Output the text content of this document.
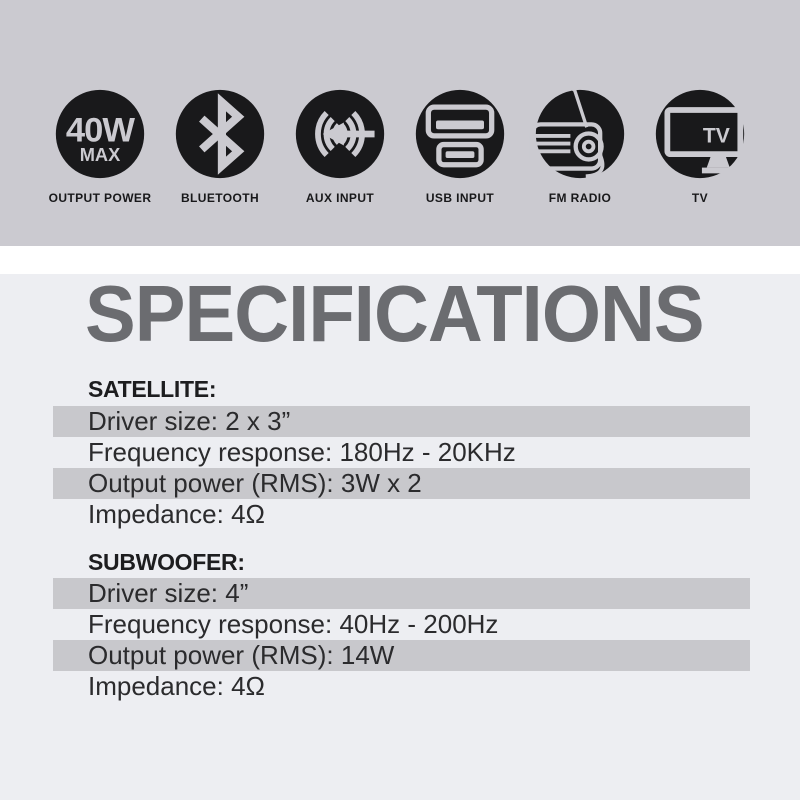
40W
MAX
OUTPUT POWER BLUETOOTH	AUX INPUT	USB INPUT	FM RADIO
TV
TV
SPECIFICATIONS
SATELLITE:
Driver size: 2 x 3”
Frequency response: 180Hz - 20KHz
Output power (RMS): 3W x 2
Impedance: 4Ω
SUBWOOFER:
Driver size: 4”
Frequency response: 40Hz - 200Hz
Output power (RMS): 14W
Impedance: 4Ω
